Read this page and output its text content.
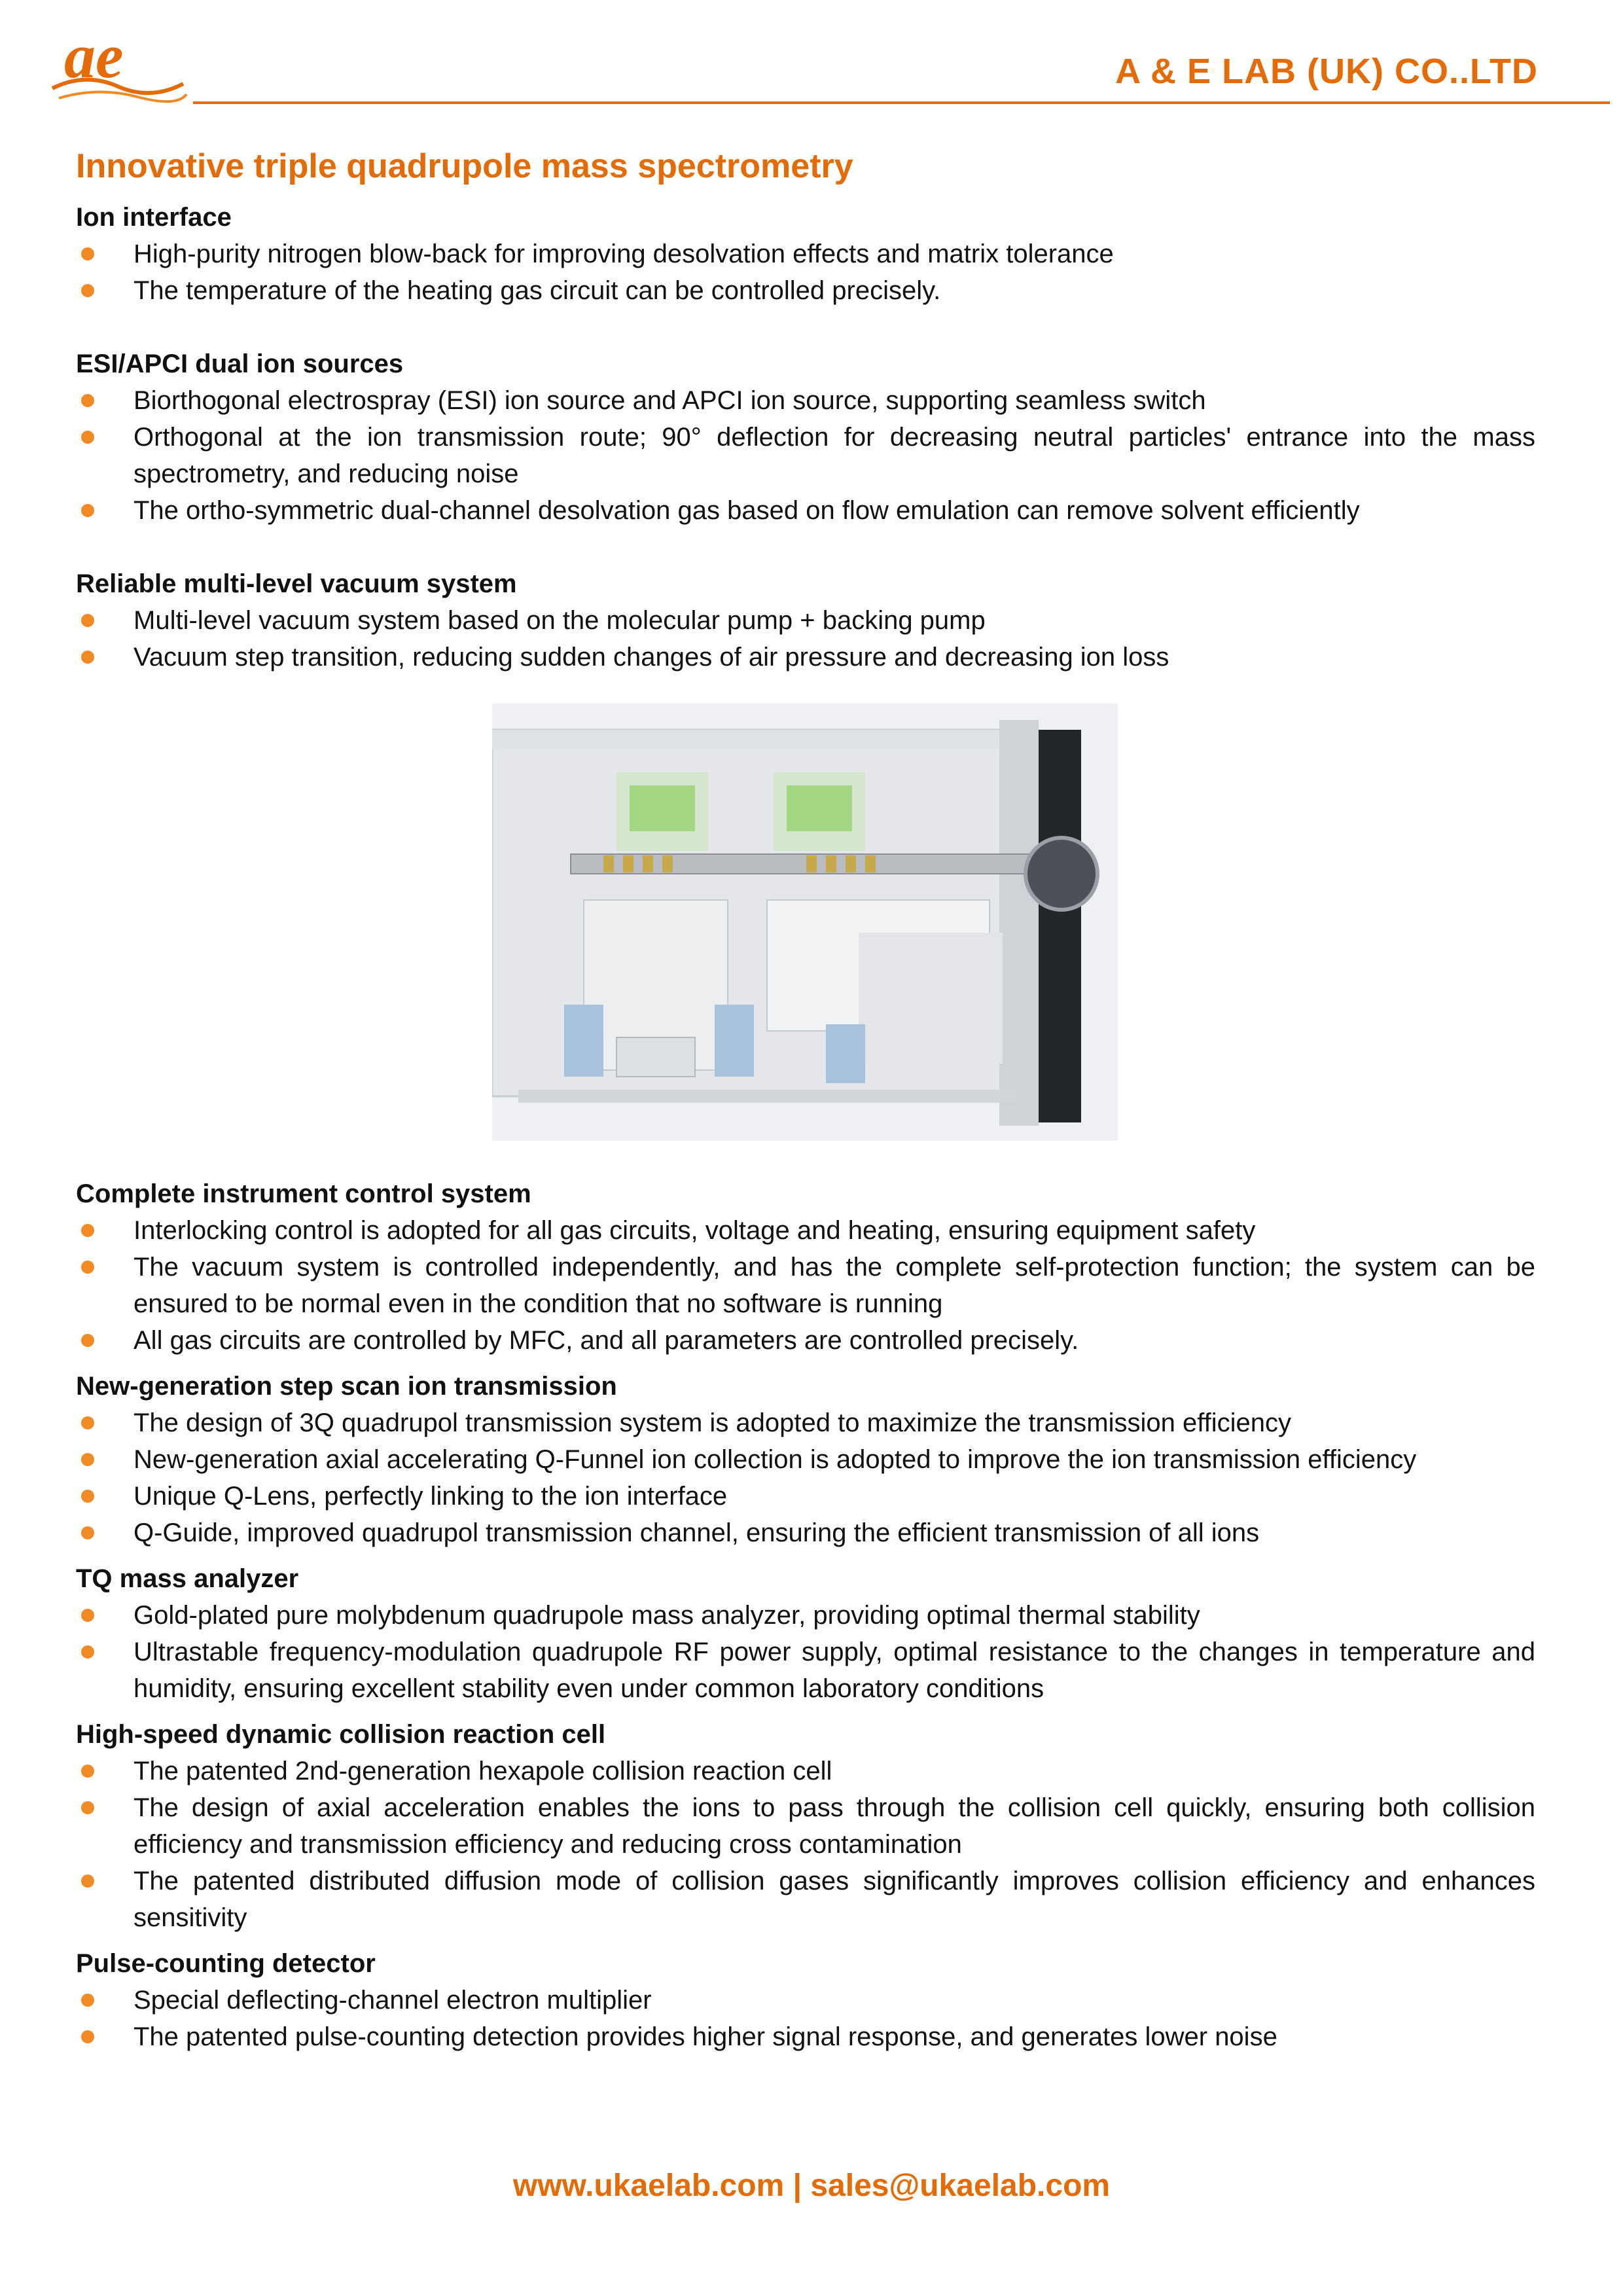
ae	A & E LAB (UK) CO..LTD
Innovative triple quadrupole mass spectrometry
Ion interface
High-purity nitrogen blow-back for improving desolvation effects and matrix tolerance
The temperature of the heating gas circuit can be controlled precisely.
ESI/APCI dual ion sources
Biorthogonal electrospray (ESI) ion source and APCI ion source, supporting seamless switch
Orthogonal at the ion transmission route; 90° deflection for decreasing neutral particles' entrance into the mass spectrometry, and reducing noise
The ortho-symmetric dual-channel desolvation gas based on flow emulation can remove solvent efficiently
Reliable multi-level vacuum system
Multi-level vacuum system based on the molecular pump + backing pump
Vacuum step transition, reducing sudden changes of air pressure and decreasing ion loss
Complete instrument control system
Interlocking control is adopted for all gas circuits, voltage and heating, ensuring equipment safety
The vacuum system is controlled independently, and has the complete self-protection function; the system can be ensured to be normal even in the condition that no software is running
All gas circuits are controlled by MFC, and all parameters are controlled precisely.
New-generation step scan ion transmission
The design of 3Q quadrupol transmission system is adopted to maximize the transmission efficiency
New-generation axial accelerating Q-Funnel ion collection is adopted to improve the ion transmission efficiency
Unique Q-Lens, perfectly linking to the ion interface
Q-Guide, improved quadrupol transmission channel, ensuring the efficient transmission of all ions
TQ mass analyzer
Gold-plated pure molybdenum quadrupole mass analyzer, providing optimal thermal stability
Ultrastable frequency-modulation quadrupole RF power supply, optimal resistance to the changes in temperature and humidity, ensuring excellent stability even under common laboratory conditions
High-speed dynamic collision reaction cell
The patented 2nd-generation hexapole collision reaction cell
The design of axial acceleration enables the ions to pass through the collision cell quickly, ensuring both collision efficiency and transmission efficiency and reducing cross contamination
The patented distributed diffusion mode of collision gases significantly improves collision efficiency and enhances sensitivity
Pulse-counting detector
Special deflecting-channel electron multiplier
The patented pulse-counting detection provides higher signal response, and generates lower noise
www.ukaelab.com | sales@ukaelab.com
